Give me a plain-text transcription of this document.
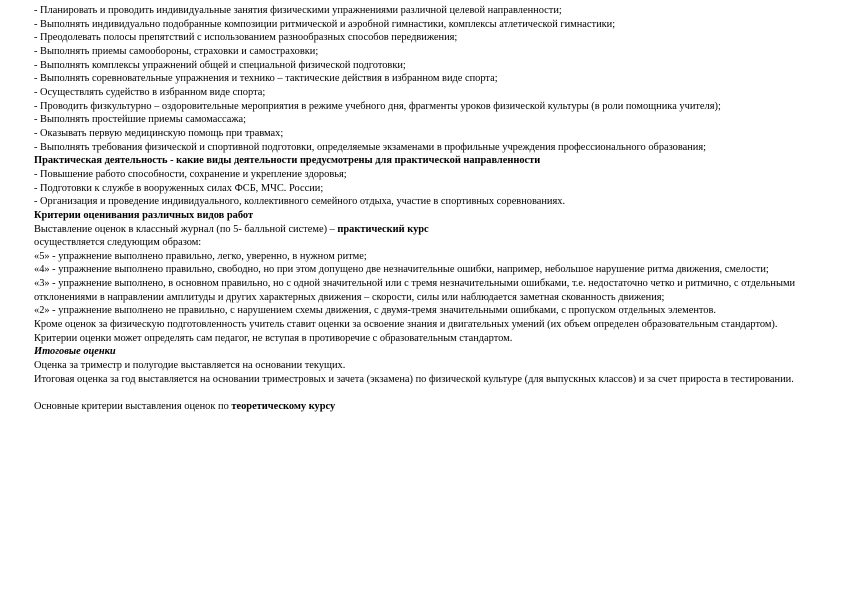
- Планировать и проводить индивидуальные занятия физическими упражнениями различной целевой направленности;

- Выполнять индивидуально подобранные композиции ритмической и аэробной гимнастики, комплексы атлетической гимнастики;

- Преодолевать полосы препятствий с использованием разнообразных способов передвижения;

- Выполнять приемы самообороны, страховки и самостраховки;

- Выполнять комплексы упражнений общей и специальной физической подготовки;

- Выполнять соревновательные упражнения и технико – тактические действия в избранном виде спорта;

- Осуществлять судейство в избранном виде спорта;

- Проводить физкультурно – оздоровительные мероприятия в режиме учебного дня, фрагменты уроков физической культуры (в роли помощника учителя);

- Выполнять простейшие приемы самомассажа;

- Оказывать первую медицинскую помощь при травмах;

- Выполнять требования физической и спортивной подготовки, определяемые экзаменами в профильные учреждения профессионального образования;

Практическая деятельность - какие виды деятельности предусмотрены для практической направленности

- Повышение работо способности, сохранение и укрепление здоровья;

- Подготовки к службе в вооруженных силах ФСБ, МЧС. России;

- Организация и проведение индивидуального, коллективного семейного отдыха, участие в спортивных соревнованиях.

Критерии оценивания различных видов работ

Выставление оценок в классный журнал (по 5- балльной системе) – практический курс

осуществляется следующим образом:

«5» - упражнение выполнено правильно, легко, уверенно, в нужном ритме;

«4» - упражнение выполнено правильно, свободно, но при этом допущено две незначительные ошибки, например, небольшое нарушение ритма движения, смелости;

«3» - упражнение выполнено, в основном правильно, но с одной значительной или с тремя незначительными ошибками, т.е. недостаточно четко и ритмично, с отдельными отклонениями в направлении амплитуды и других характерных движения – скорости, силы или наблюдается заметная скованность движения;

«2» - упражнение выполнено не правильно, с нарушением схемы движения, с двумя-тремя значительными ошибками, с пропуском отдельных элементов.

Кроме оценок за физическую подготовленность учитель ставит оценки за освоение знания и двигательных умений (их объем определен образовательным стандартом). Критерии оценки может определять сам педагог, не вступая в противоречие с образовательным стандартом.

Итоговые оценки

Оценка за триместр и полугодие выставляется на основании текущих.

Итоговая оценка за год выставляется на основании триместровых и зачета (экзамена) по физической культуре (для выпускных классов) и за счет прироста в тестировании.

Основные критерии выставления оценок по теоретическому курсу
